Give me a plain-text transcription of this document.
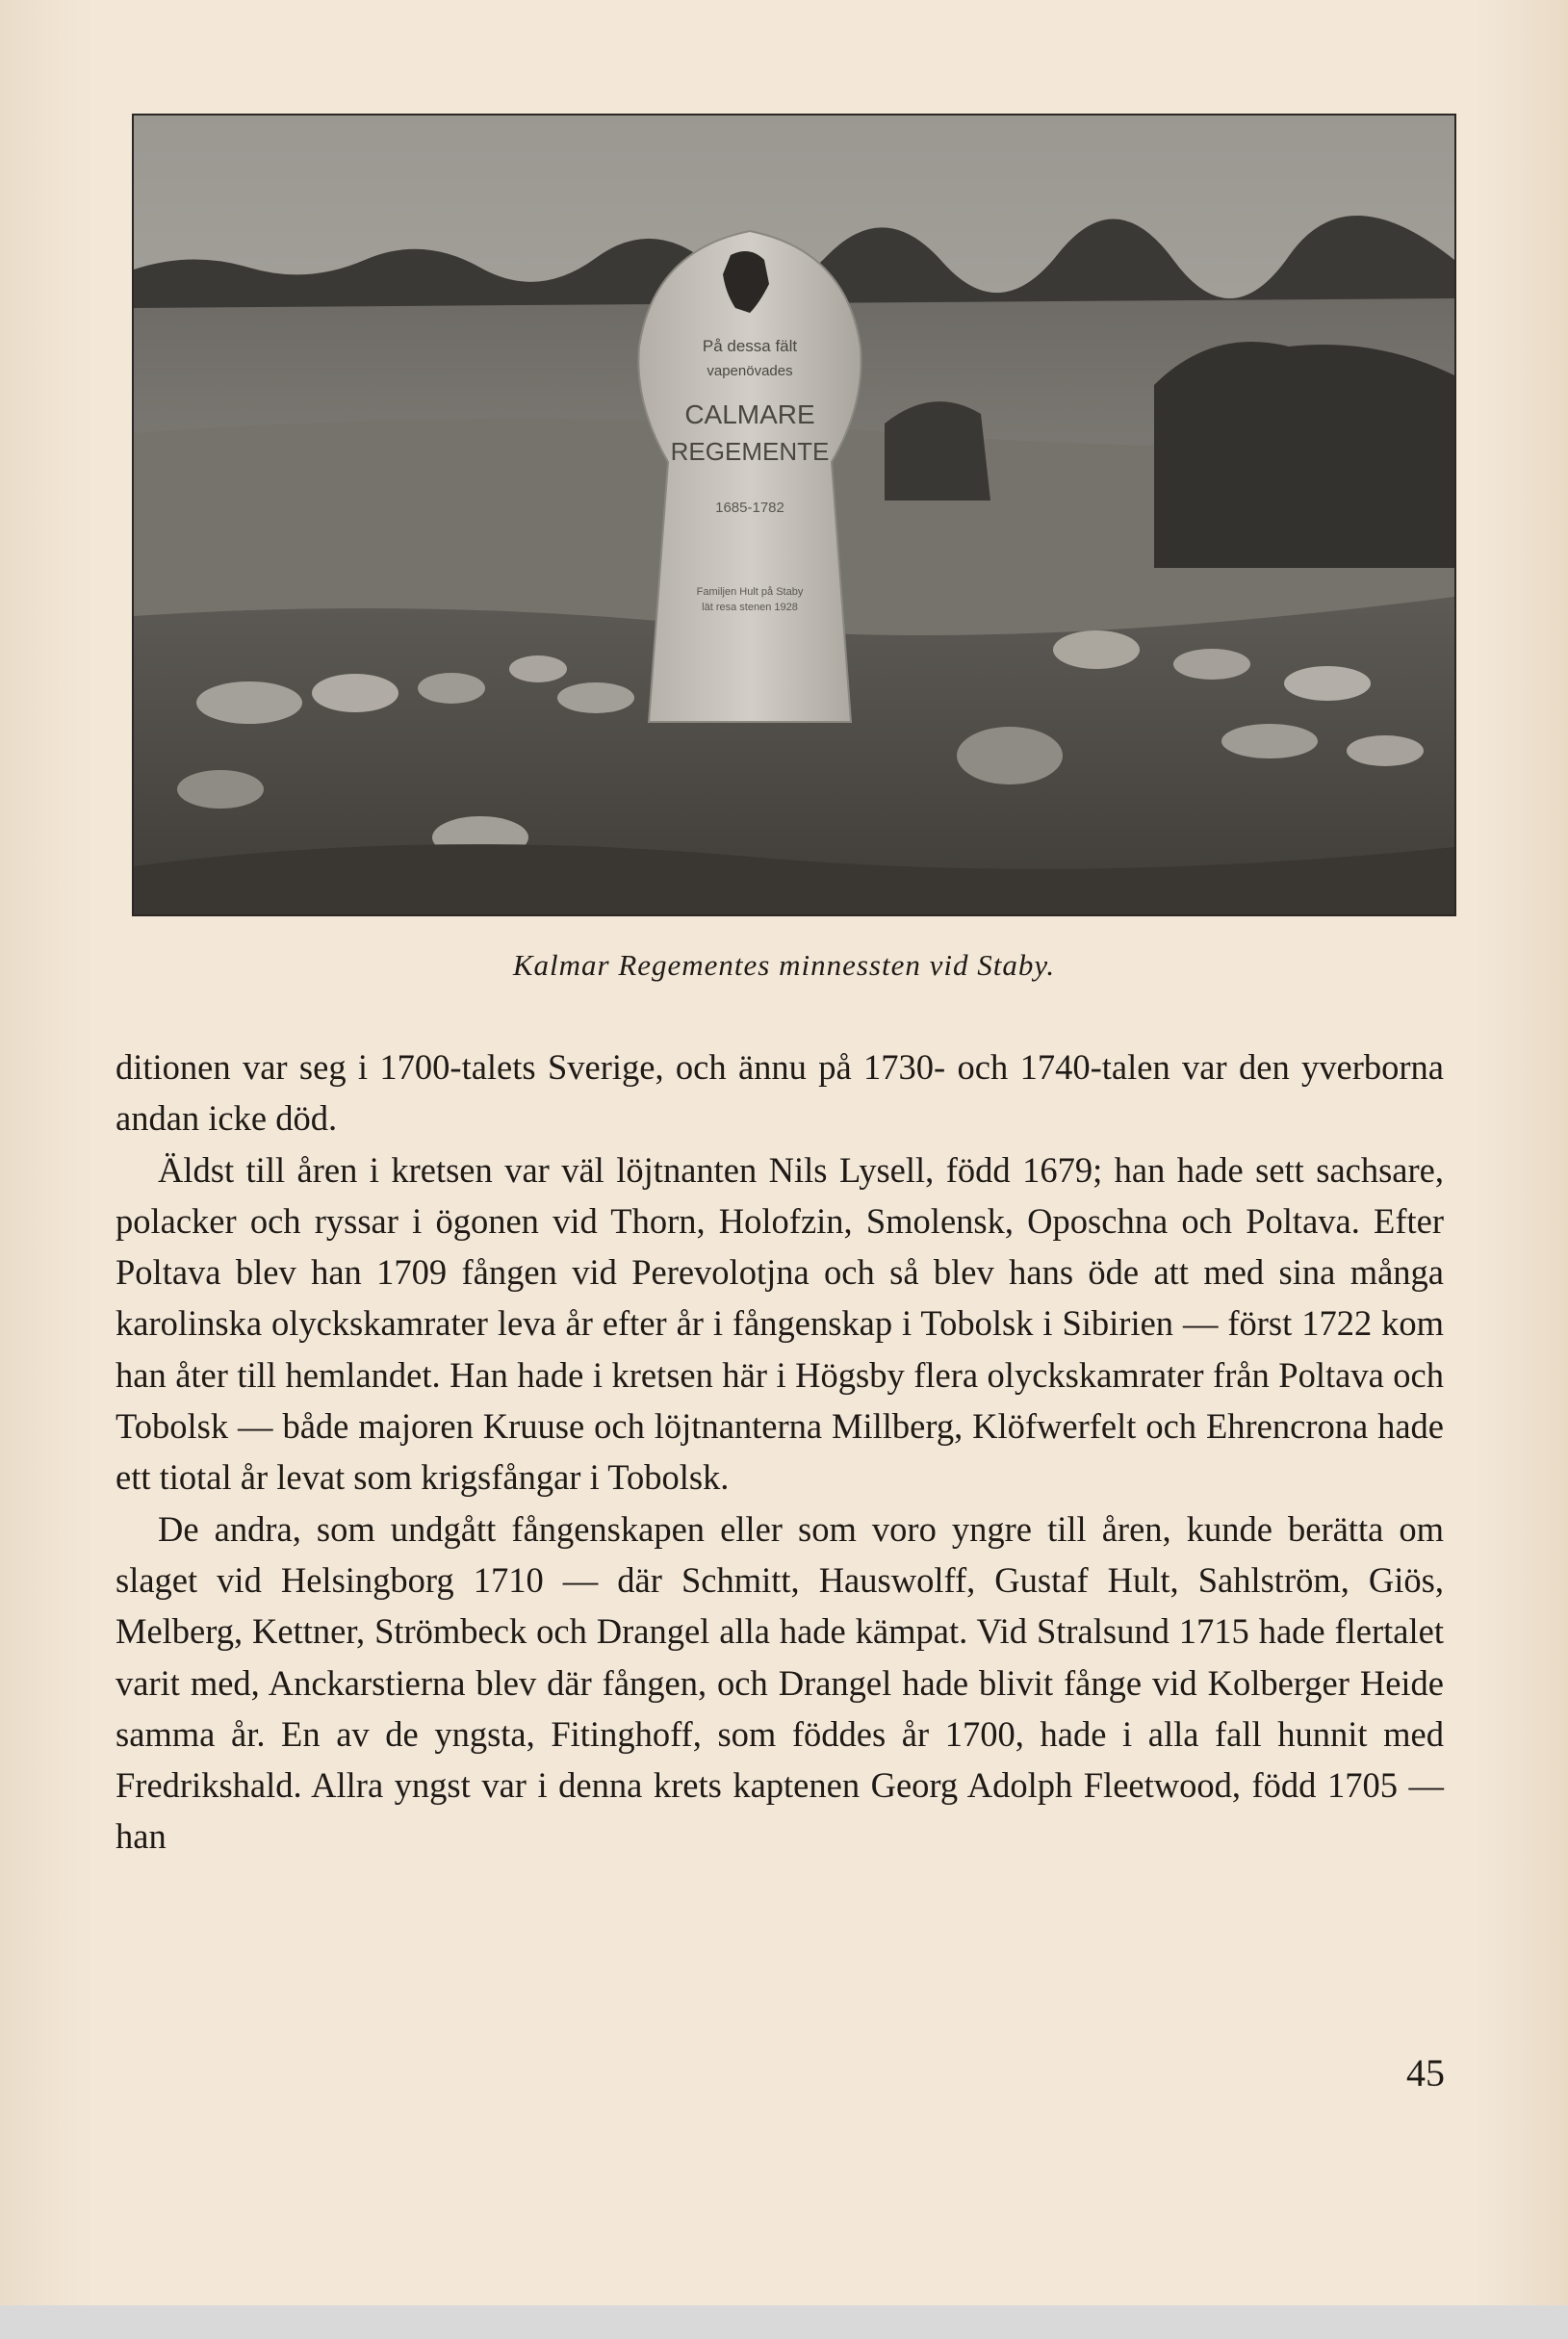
På dessa fält
vapenövades
CALMARE
REGEMENTE
1685-1782
Familjen Hult på Staby
lät resa stenen 1928
Kalmar Regementes minnessten vid Staby.

ditionen var seg i 1700-talets Sverige, och ännu på 1730- och 1740-talen var den yverborna andan icke död.

Äldst till åren i kretsen var väl löjtnanten Nils Lysell, född 1679; han hade sett sachsare, polacker och ryssar i ögonen vid Thorn, Holofzin, Smolensk, Oposchna och Poltava. Efter Poltava blev han 1709 fången vid Perevolotjna och så blev hans öde att med sina många karolinska olyckskamrater leva år efter år i fångenskap i Tobolsk i Sibirien — först 1722 kom han åter till hemlandet. Han hade i kretsen här i Högsby flera olyckskamrater från Poltava och Tobolsk — både majoren Kruuse och löjtnanterna Millberg, Klöfwerfelt och Ehrencrona hade ett tiotal år levat som krigsfångar i Tobolsk.

De andra, som undgått fångenskapen eller som voro yngre till åren, kunde berätta om slaget vid Helsingborg 1710 — där Schmitt, Hauswolff, Gustaf Hult, Sahlström, Giös, Melberg, Kettner, Strömbeck och Drangel alla hade kämpat. Vid Stralsund 1715 hade flertalet varit med, Anckarstierna blev där fången, och Drangel hade blivit fånge vid Kolberger Heide samma år. En av de yngsta, Fitinghoff, som föddes år 1700, hade i alla fall hunnit med Fredrikshald. Allra yngst var i denna krets kaptenen Georg Adolph Fleetwood, född 1705 — han

45
